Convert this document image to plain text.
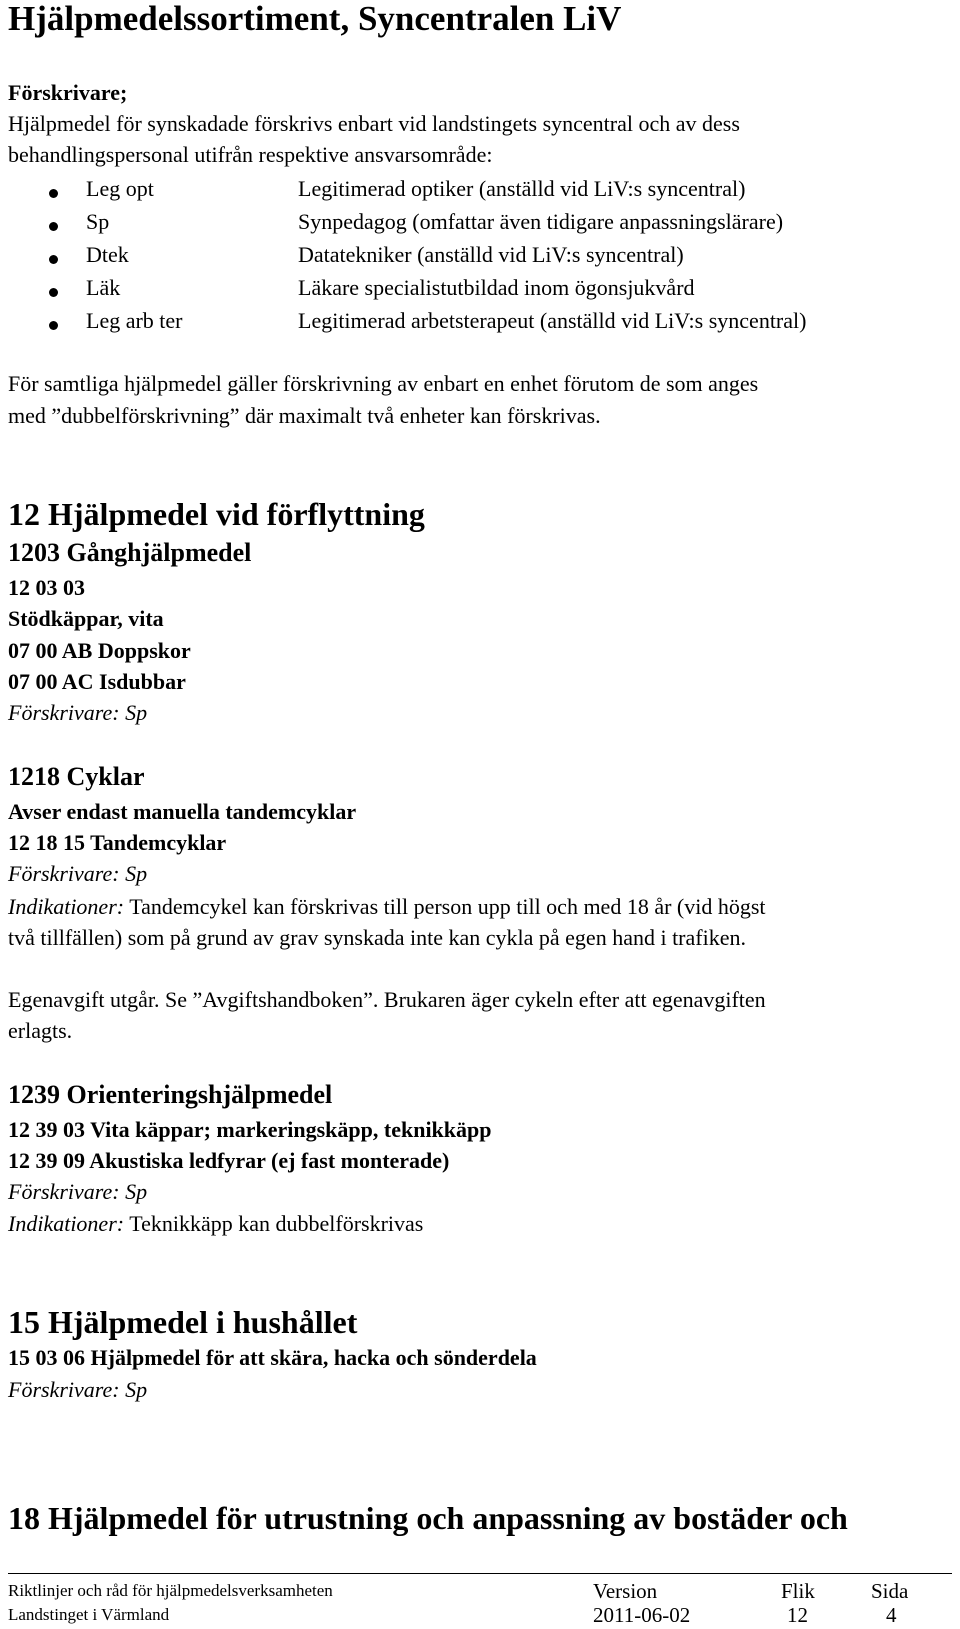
Hjälpmedelssortiment, Syncentralen LiV
Förskrivare;
Hjälpmedel för synskadade förskrivs enbart vid landstingets syncentral och av dess
behandlingspersonal utifrån respektive ansvarsområde:
Leg opt	Legitimerad optiker (anställd vid LiV:s syncentral)
Sp	Synpedagog (omfattar även tidigare anpassningslärare)
Dtek	Datatekniker (anställd vid LiV:s syncentral)
Läk	Läkare specialistutbildad inom ögonsjukvård
Leg arb ter	Legitimerad arbetsterapeut (anställd vid LiV:s syncentral)
För samtliga hjälpmedel gäller förskrivning av enbart en enhet förutom de som anges
med ”dubbelförskrivning” där maximalt två enheter kan förskrivas.
12 Hjälpmedel vid förflyttning
1203 Gånghjälpmedel
12 03 03
Stödkäppar, vita
07 00 AB Doppskor
07 00 AC Isdubbar
Förskrivare: Sp
1218 Cyklar
Avser endast manuella tandemcyklar
12 18 15 Tandemcyklar
Förskrivare: Sp
Indikationer: Tandemcykel kan förskrivas till person upp till och med 18 år (vid högst
två tillfällen) som på grund av grav synskada inte kan cykla på egen hand i trafiken.
Egenavgift utgår. Se ”Avgiftshandboken”. Brukaren äger cykeln efter att egenavgiften
erlagts.
1239 Orienteringshjälpmedel
12 39 03 Vita käppar; markeringskäpp, teknikkäpp
12 39 09 Akustiska ledfyrar (ej fast monterade)
Förskrivare: Sp
Indikationer: Teknikkäpp kan dubbelförskrivas
15 Hjälpmedel i hushållet
15 03 06 Hjälpmedel för att skära, hacka och sönderdela
Förskrivare: Sp
18 Hjälpmedel för utrustning och anpassning av bostäder och
Riktlinjer och råd för hjälpmedelsverksamheten
Landstinget i Värmland
Version
2011-06-02
Flik
12
Sida
4
